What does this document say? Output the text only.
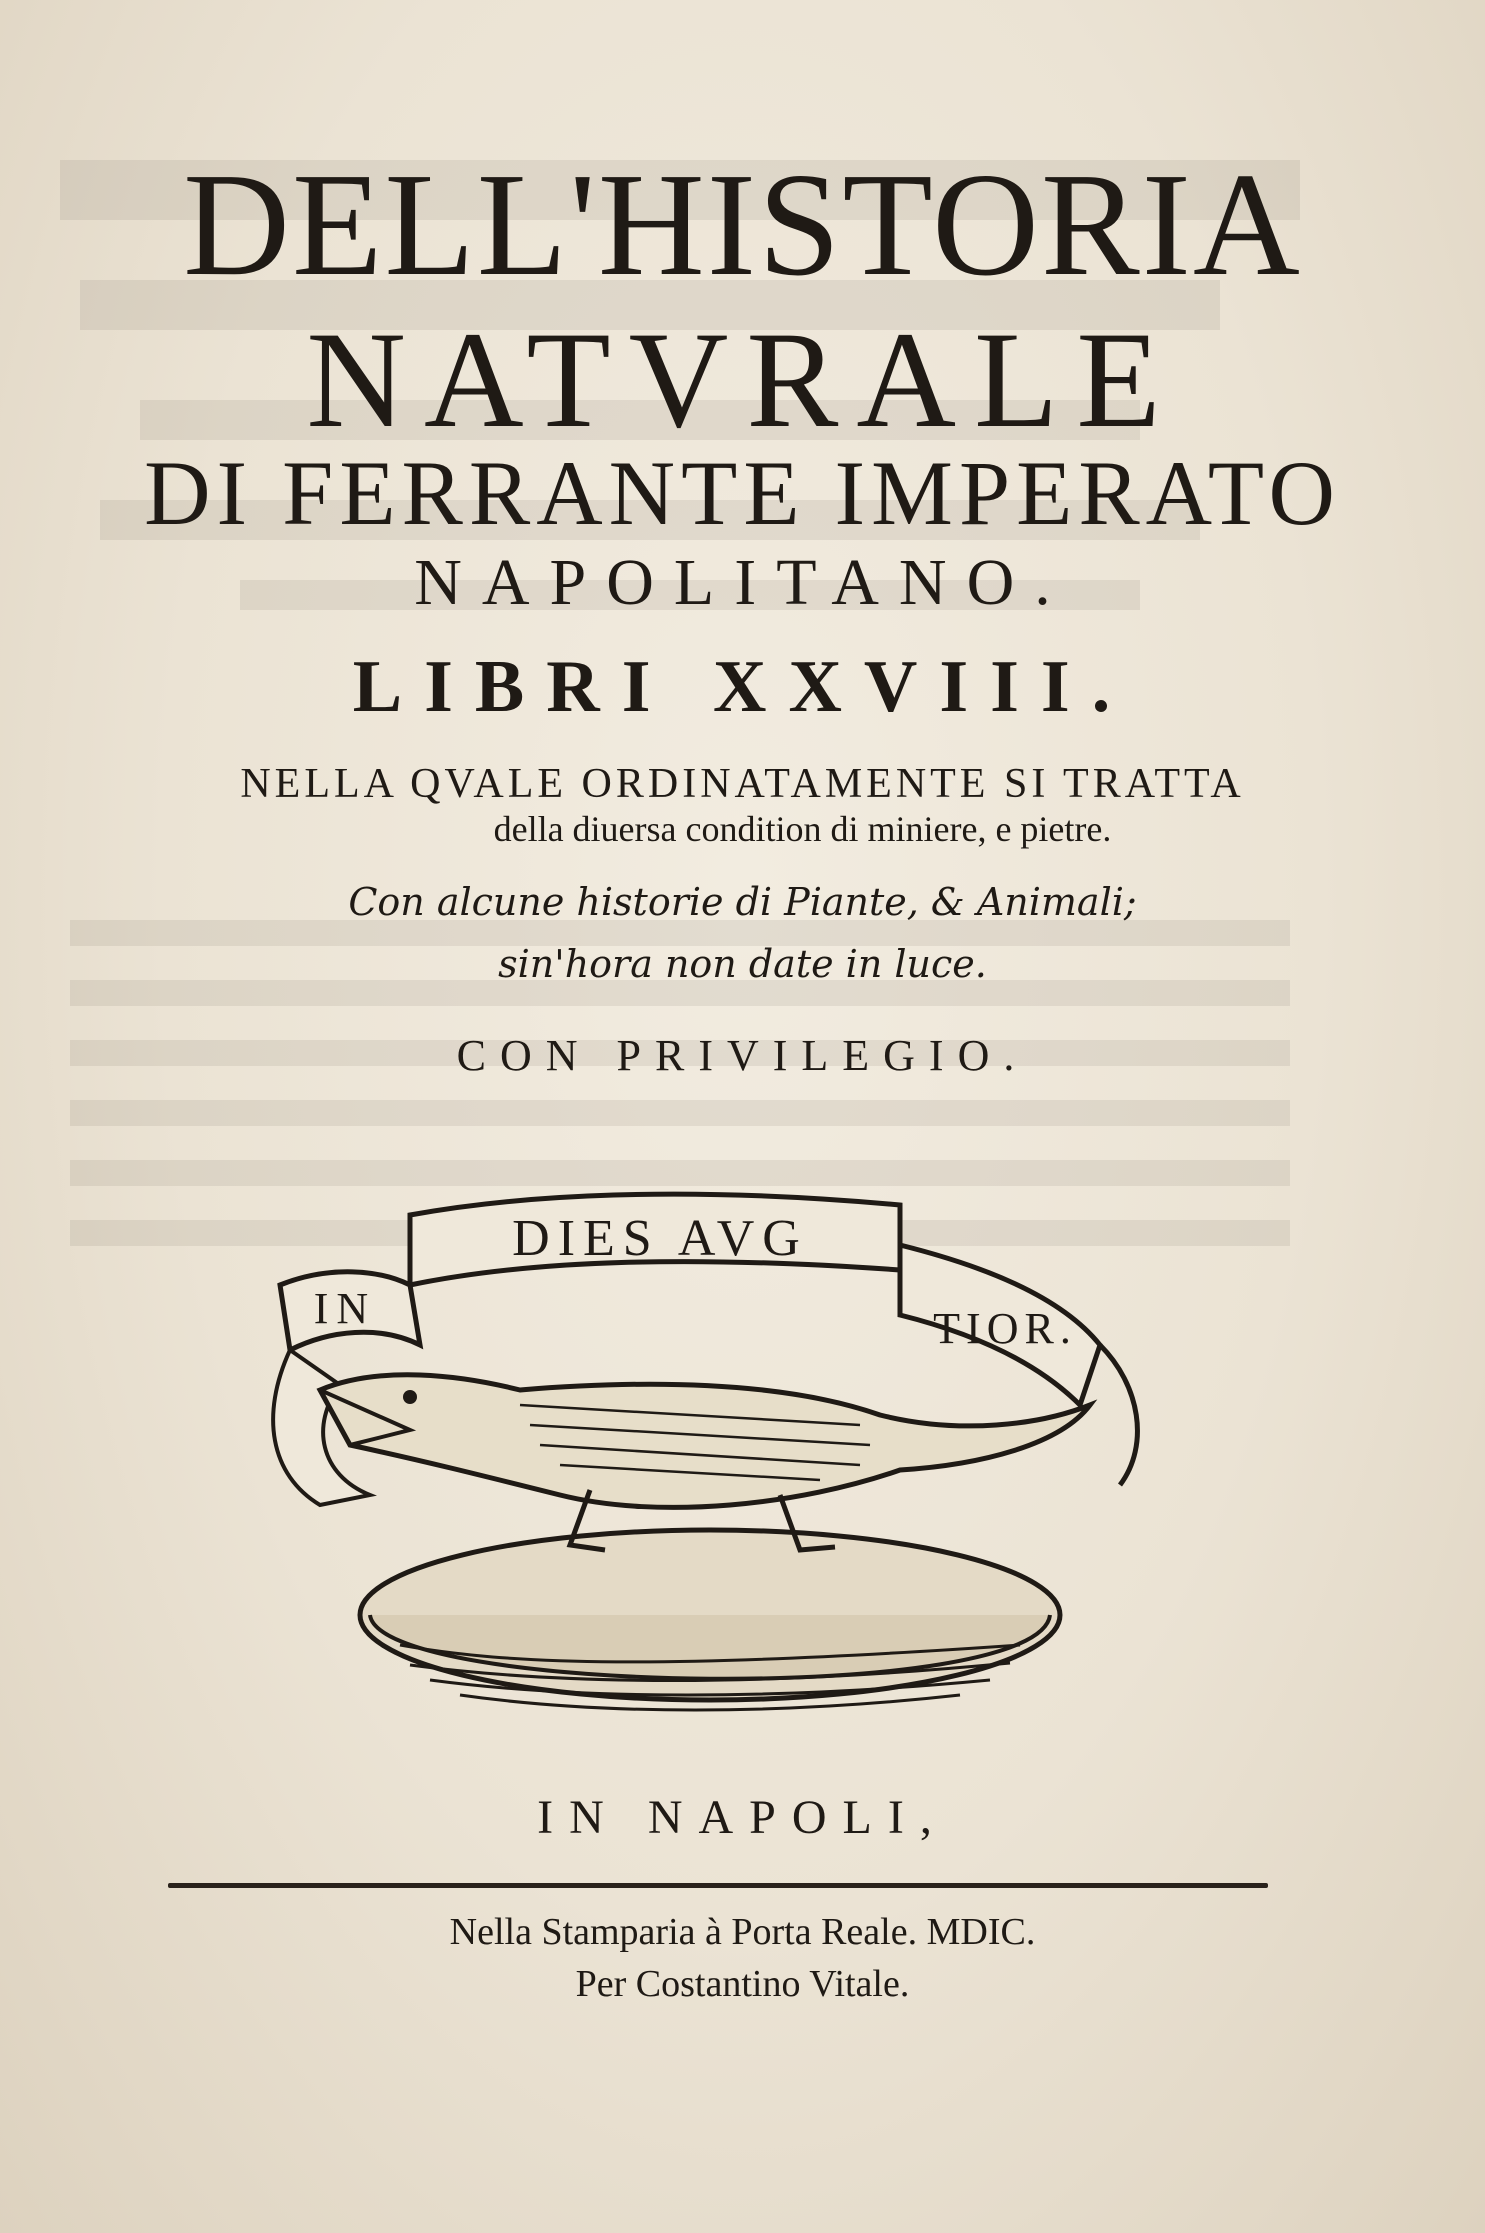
DELL'HISTORIA
NATVRALE
DI FERRANTE IMPERATO
NAPOLITANO.
LIBRI XXVIII.
NELLA QVALE ORDINATAMENTE SI TRATTA
della diuersa condition di miniere, e pietre.
Con alcune historie di Piante, & Animali;
sin'hora non date in luce.
CON PRIVILEGIO.
DIES AVG
IN	TIOR.
IN NAPOLI,
Nella Stamparia à Porta Reale. MDIC.
Per Costantino Vitale.
